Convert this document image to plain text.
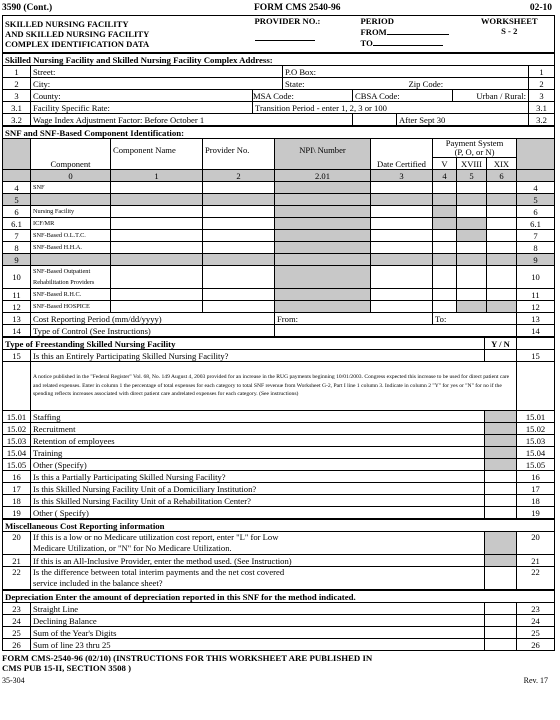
3590 (Cont.)	FORM CMS 2540-96	02-10
SKILLED NURSING FACILITY
AND SKILLED NURSING FACILITY
COMPLEX IDENTIFICATION DATA

PROVIDER NO.:	PERIOD
FROM
TO

WORKSHEET
S - 2
Skilled Nursing Facility and Skilled Nursing Facility Complex Address:							
1	Street:		P.O Box:				1
2	City:		State:		Zip Code:		2
3	County:	MSA Code:		CBSA Code:		Urban / Rural:	3
3.1	Facility Specific Rate:	Transition Period - enter 1, 2, 3 or 100					3.1
3.2	Wage Index Adjustment Factor: Before October 1				After Sept 30		3.2
SNF and SNF-Based Component Identification:									
	Component	Component Name	Provider No.	NPI\ Number	Date Certified	Payment System
(P, O, or N)			

						V	XVIII	XIX	
	0	1	2	2.01	3	4	5	6	
4	SNF								4
5									5
6	Nursing Facility								6
6.1	ICF/MR								6.1
7	SNF-Based O.L.T.C.								7
8	SNF-Based H.H.A.								8
9									9
10	SNF-Based Outpatient
Rehabilitation Providers								10
11	SNF-Based R.H.C.								11
12	SNF-Based HOSPICE								12
13	Cost Reporting Period (mm/dd/yyyy)			From:		To:			13
14	Type of Control (See Instructions)								14
Type of Freestanding Skilled Nursing Facility		Y / N	
15	Is this an Entirely Participating Skilled Nursing Facility?		15
	A notice published in the "Federal Register" Vol. 68, No. 149 August 4, 2003 provided for an increase in the RUG payments beginning 10/01/2003. Congress expected this increase to be used for direct patient care and related expenses. Enter in column 1 the percentage of total expenses for each category to total SNF revenue from Worksheet G-2, Part I line 1 column 3. Indicate in column 2 "Y" for yes or "N" for no if the spending reflects increases associated with direct patient care andrelated expenses for each category. (See instructions)		
15.01	Staffing		15.01
15.02	Recruitment		15.02
15.03	Retention of employees		15.03
15.04	Training		15.04
15.05	Other (Specify)		15.05
16	Is this a Partially Participating Skilled Nursing Facility?		16
17	Is this Skilled Nursing Facility Unit of a Domiciliary Institution?		17
18	Is this Skilled Nursing Facility Unit of a Rehabilitation Center?		18
19	Other ( Specify)		19
Miscellaneous Cost Reporting information			
20	If this is a low or no Medicare utilization cost report, enter "L" for Low
Medicare Utilization, or "N" for No Medicare Utilization.		20
21	If this is an All-Inclusive Provider, enter the method used. (See Instruction)		21
22	Is the difference between total interim payments and the net cost covered
service included in the balance sheet?		22
Depreciation Enter the amount of depreciation reported in this SNF for the method indicated.			
23	Straight Line		23
24	Declining Balance		24
25	Sum of the Year's Digits		25
26	Sum of line 23 thru 25		26
FORM CMS-2540-96 (02/10) (INSTRUCTIONS FOR THIS WORKSHEET ARE PUBLISHED IN
CMS PUB 15-II, SECTION 3508 )
35-304	Rev. 17
